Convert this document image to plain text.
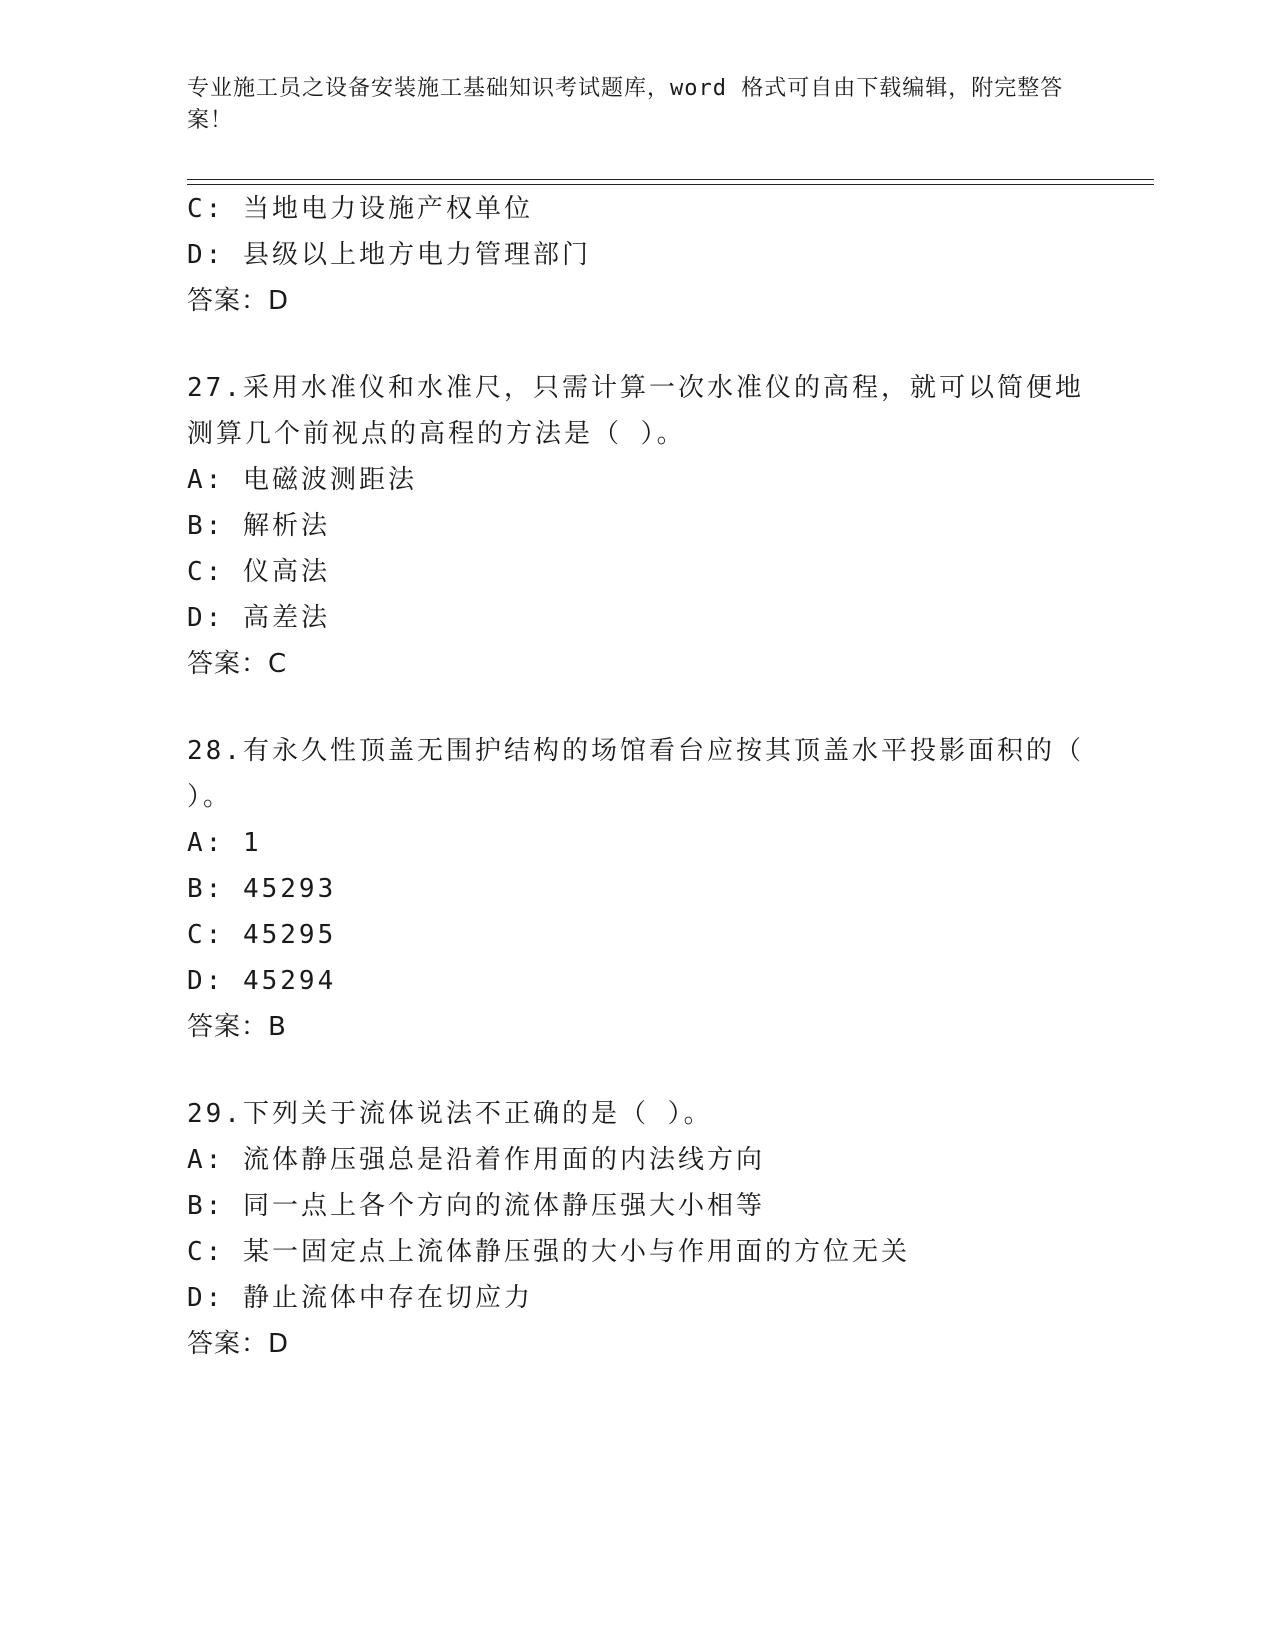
专业施工员之设备安装施工基础知识考试题库，word 格式可自由下载编辑，附完整答案！
C: 当地电力设施产权单位
D: 县级以上地方电力管理部门
答案：D
27.采用水准仪和水准尺，只需计算一次水准仪的高程，就可以简便地
测算几个前视点的高程的方法是（ ）。
A: 电磁波测距法
B: 解析法
C: 仪高法
D: 高差法
答案：C
28.有永久性顶盖无围护结构的场馆看台应按其顶盖水平投影面积的（
）。
A: 1
B: 45293
C: 45295
D: 45294
答案：B
29.下列关于流体说法不正确的是（ ）。
A: 流体静压强总是沿着作用面的内法线方向
B: 同一点上各个方向的流体静压强大小相等
C: 某一固定点上流体静压强的大小与作用面的方位无关
D: 静止流体中存在切应力
答案：D
